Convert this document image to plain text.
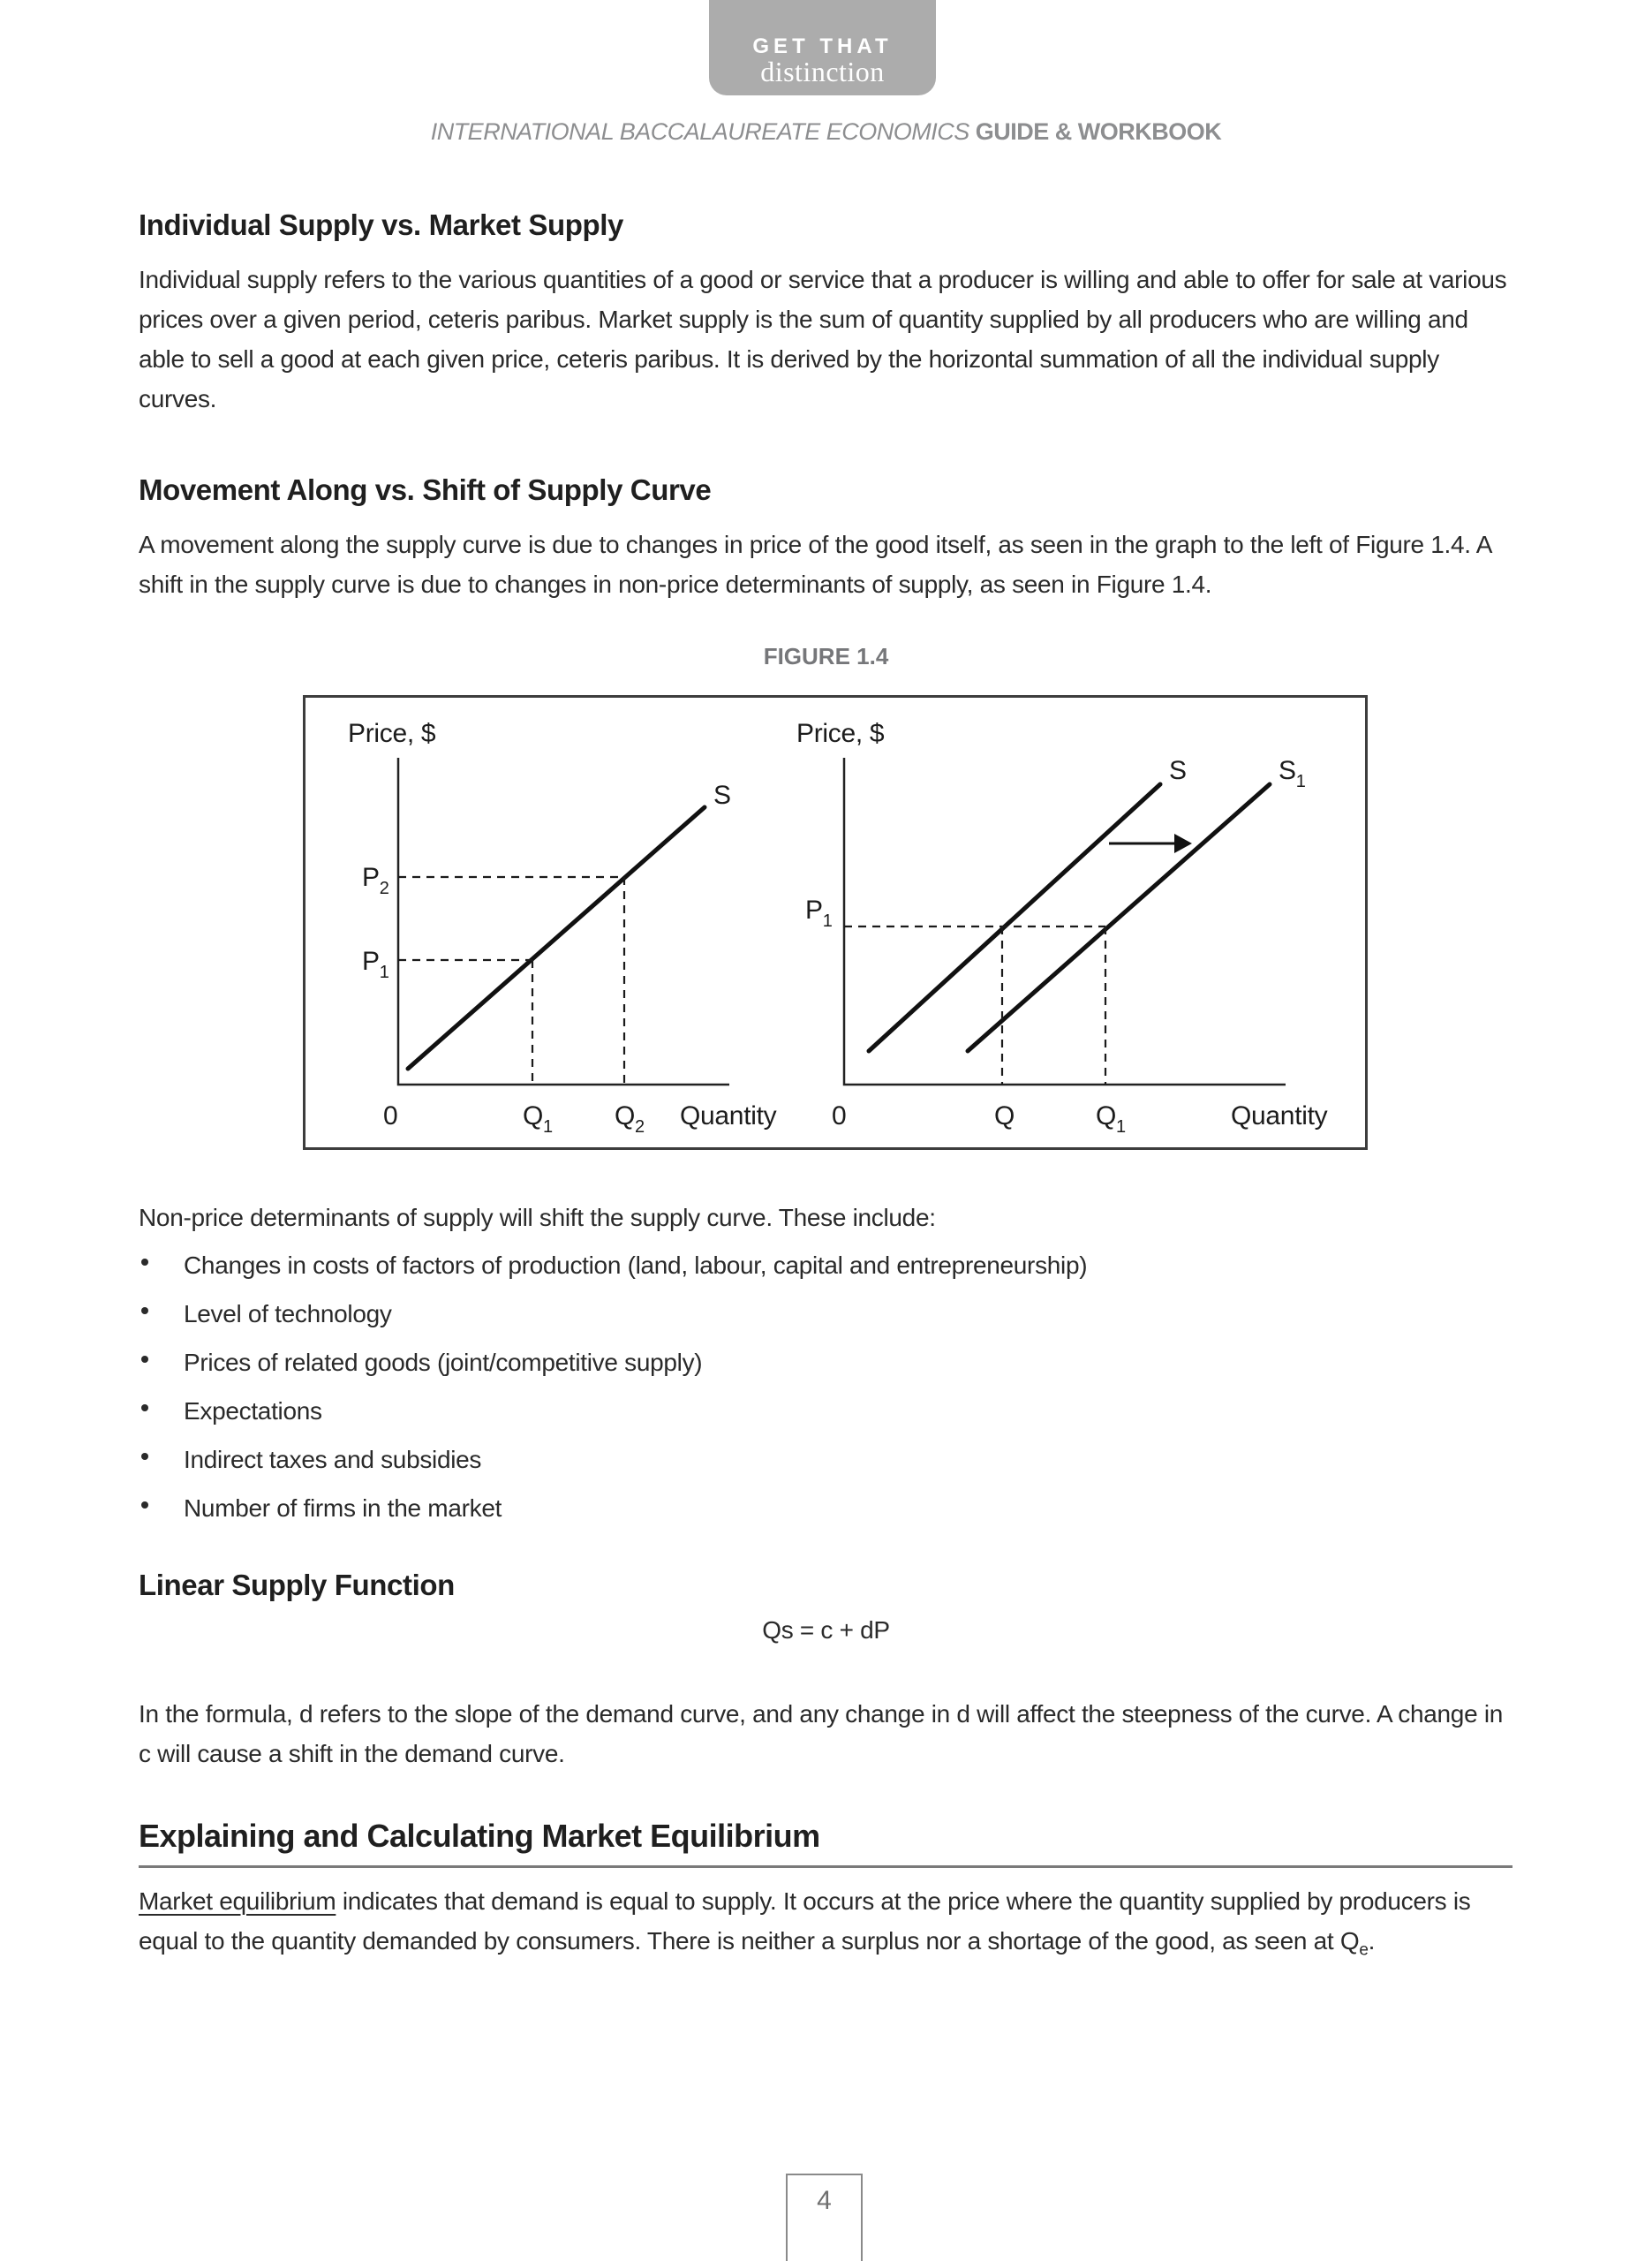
GET THAT
distinction
INTERNATIONAL BACCALAUREATE ECONOMICS GUIDE & WORKBOOK
Individual Supply vs. Market Supply

Individual supply refers to the various quantities of a good or service that a producer is willing and able to offer for sale at various prices over a given period, ceteris paribus. Market supply is the sum of quantity supplied by all producers who are willing and able to sell a good at each given price, ceteris paribus. It is derived by the horizontal summation of all the individual supply curves.

Movement Along vs. Shift of Supply Curve

A movement along the supply curve is due to changes in price of the good itself, as seen in the graph to the left of Figure 1.4. A shift in the supply curve is due to changes in non-price determinants of supply, as seen in Figure 1.4.

FIGURE 1.4
Price, $
S
$P_2$
$P_1$
0	$Q_1$ $Q_2$ Quantity
Price, $
S	$S_1$
$P_1$
0	Q	$Q_1$	Quantity

Non-price determinants of supply will shift the supply curve. These include:

Changes in costs of factors of production (land, labour, capital and entrepreneurship)
Level of technology
Prices of related goods (joint/competitive supply)
Expectations
Indirect taxes and subsidies
Number of firms in the market
Linear Supply Function
Qs = c + dP

In the formula, d refers to the slope of the demand curve, and any change in d will affect the steepness of the curve. A change in c will cause a shift in the demand curve.

Explaining and Calculating Market Equilibrium

Market equilibrium indicates that demand is equal to supply. It occurs at the price where the quantity supplied by producers is equal to the quantity demanded by consumers. There is neither a surplus nor a shortage of the good, as seen at $Q_e$.

4
